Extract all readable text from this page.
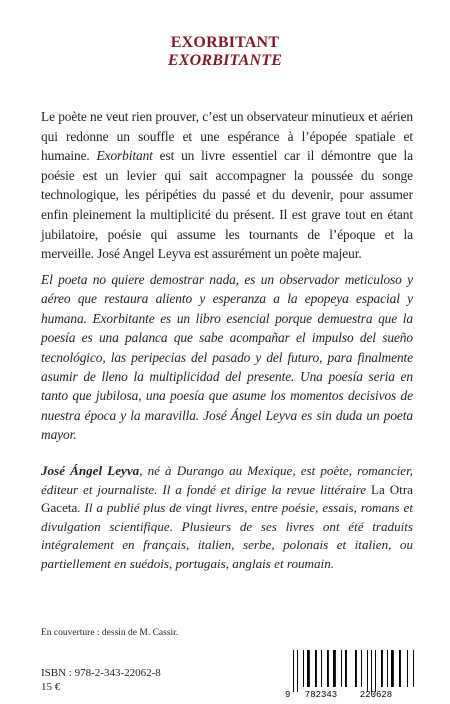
EXORBITANT
EXORBITANTE

Le poète ne veut rien prouver, c’est un observateur minutieux et aérien qui redonne un souffle et une espérance à l’épopée spatiale et humaine. Exorbitant est un livre essentiel car il démontre que la poésie est un levier qui sait accompagner la poussée du songe technologique, les péripéties du passé et du devenir, pour assumer enfin pleinement la multiplicité du présent. Il est grave tout en étant jubilatoire, poésie qui assume les tournants de l’époque et la merveille. José Angel Leyva est assurément un poète majeur.

El poeta no quiere demostrar nada, es un observador meticuloso y aéreo que restaura aliento y esperanza a la epopeya espacial y humana. Exorbitante es un libro esencial porque demuestra que la poesía es una palanca que sabe acompañar el impulso del sueño tecnológico, las peripecias del pasado y del futuro, para finalmente asumir de lleno la multiplicidad del presente. Una poesía seria en tanto que jubilosa, una poesía que asume los momentos decisivos de nuestra época y la maravilla. José Ángel Leyva es sin duda un poeta mayor.

José Ángel Leyva, né à Durango au Mexique, est poète, romancier, éditeur et journaliste. Il a fondé et dirige la revue littéraire La Otra Gaceta. Il a publié plus de vingt livres, entre poésie, essais, romans et divulgation scientifique. Plusieurs de ses livres ont été traduits intégralement en français, italien, serbe, polonais et italien, ou partiellement en suédois, portugais, anglais et roumain.

En couverture : dessin de M. Cassir.
ISBN : 978-2-343-22062-8
15 €
9 782343	220628
